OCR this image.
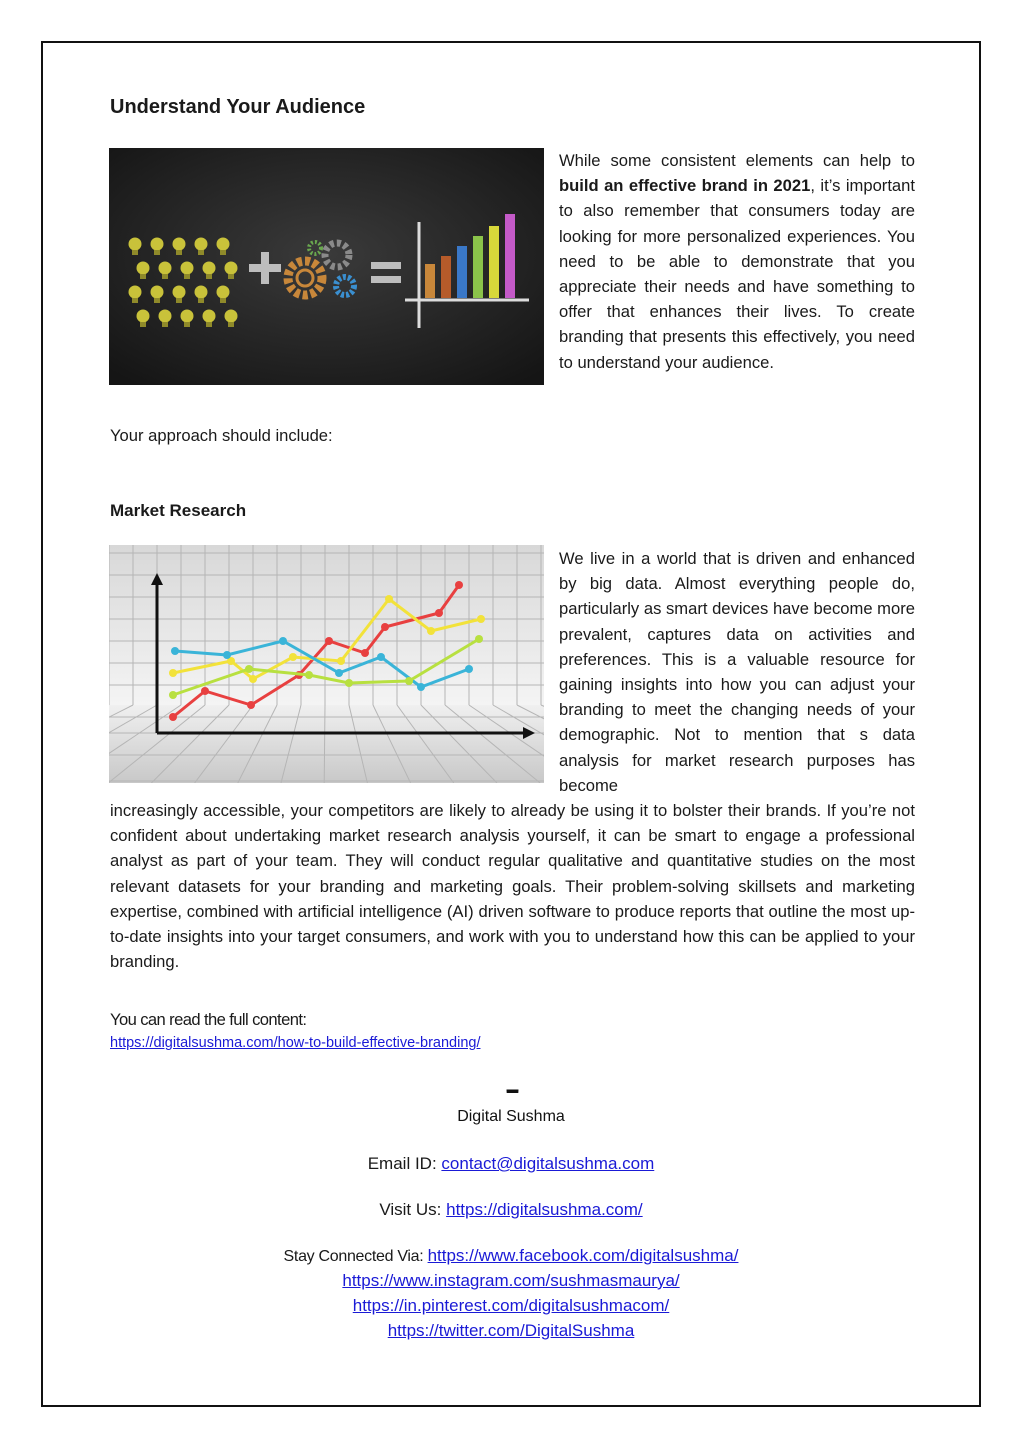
Understand Your Audience

While some consistent elements can help to build an effective brand in 2021, it’s important to also remember that consumers today are looking for more personalized experiences. You need to be able to demonstrate that you appreciate their needs and have something to offer that enhances their lives. To create branding that presents this effectively, you need to understand your audience.

Your approach should include:

Market Research

We live in a world that is driven and enhanced by big data. Almost everything people do, particularly as smart devices have become more prevalent, captures data on activities and preferences. This is a valuable resource for gaining insights into how you can adjust your branding to meet the changing needs of your demographic. Not to mention that s data analysis for market research purposes has become

increasingly accessible, your competitors are likely to already be using it to bolster their brands. If you’re not confident about undertaking market research analysis yourself, it can be smart to engage a professional analyst as part of your team. They will conduct regular qualitative and quantitative studies on the most relevant datasets for your branding and marketing goals. Their problem-solving skillsets and marketing expertise, combined with artificial intelligence (AI) driven software to produce reports that outline the most up-to-date insights into your target consumers, and work with you to understand how this can be applied to your branding.

You can read the full content:

https://digitalsushma.com/how-to-build-effective-branding/

''''''''''''''''''''''''''''''''

Digital Sushma

Email ID: contact@digitalsushma.com

Visit Us: https://digitalsushma.com/

Stay Connected Via: https://www.facebook.com/digitalsushma/

https://www.instagram.com/sushmasmaurya/

https://in.pinterest.com/digitalsushmacom/

https://twitter.com/DigitalSushma
